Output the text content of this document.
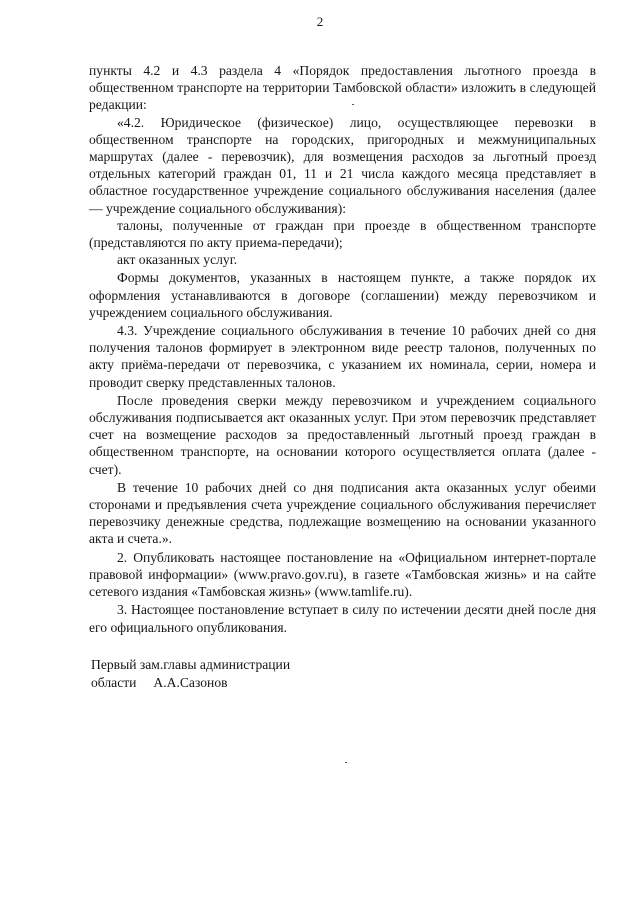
2

пункты 4.2 и 4.3 раздела 4 «Порядок предоставления льготного проезда в общественном транспорте на территории Тамбовской области» изложить в следующей редакции:

«4.2. Юридическое (физическое) лицо, осуществляющее перевозки в общественном транспорте на городских, пригородных и межмуниципальных маршрутах (далее - перевозчик), для возмещения расходов за льготный проезд отдельных категорий граждан 01, 11 и 21 числа каждого месяца представляет в областное государственное учреждение социального обслуживания населения (далее — учреждение социального обслуживания):

талоны, полученные от граждан при проезде в общественном транспорте (представляются по акту приема-передачи);

акт оказанных услуг.

Формы документов, указанных в настоящем пункте, а также порядок их оформления устанавливаются в договоре (соглашении) между перевозчиком и учреждением социального обслуживания.

4.3. Учреждение социального обслуживания в течение 10 рабочих дней со дня получения талонов формирует в электронном виде реестр талонов, полученных по акту приёма-передачи от перевозчика, с указанием их номинала, серии, номера и проводит сверку представленных талонов.

После проведения сверки между перевозчиком и учреждением социального обслуживания подписывается акт оказанных услуг. При этом перевозчик представляет счет на возмещение расходов за предоставленный льготный проезд граждан в общественном транспорте, на основании которого осуществляется оплата (далее - счет).

В течение 10 рабочих дней со дня подписания акта оказанных услуг обеими сторонами и предъявления счета учреждение социального обслуживания перечисляет перевозчику денежные средства, подлежащие возмещению на основании указанного акта и счета.».

2. Опубликовать настоящее постановление на «Официальном интернет-портале правовой информации» (www.pravo.gov.ru), в газете «Тамбовская жизнь» и на сайте сетевого издания «Тамбовская жизнь» (www.tamlife.ru).

3. Настоящее постановление вступает в силу по истечении десяти дней после дня его официального опубликования.

Первый зам.главы администрации
области     А.А.Сазонов
